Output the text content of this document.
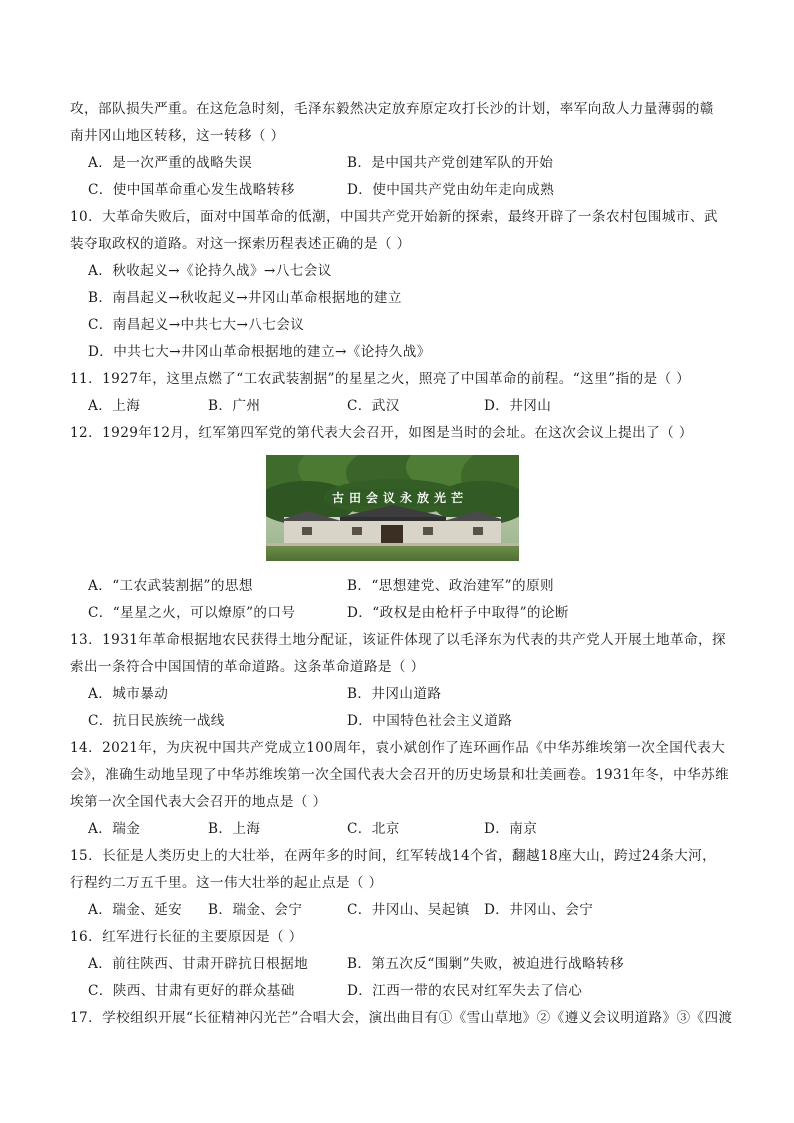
攻，部队损失严重。在这危急时刻，毛泽东毅然决定放弃原定攻打长沙的计划，率军向敌人力量薄弱的赣
南井冈山地区转移，这一转移（ ）
A．是一次严重的战略失误	B．是中国共产党创建军队的开始
C．使中国革命重心发生战略转移	D．使中国共产党由幼年走向成熟
10．大革命失败后，面对中国革命的低潮，中国共产党开始新的探索，最终开辟了一条农村包围城市、武
装夺取政权的道路。对这一探索历程表述正确的是（ ）
A．秋收起义→《论持久战》→八七会议
B．南昌起义→秋收起义→井冈山革命根据地的建立
C．南昌起义→中共七大→八七会议
D．中共七大→井冈山革命根据地的建立→《论持久战》
11．1927年，这里点燃了“工农武装割据”的星星之火，照亮了中国革命的前程。“这里”指的是（ ）
A．上海	B．广州	C．武汉	D．井冈山
12．1929年12月，红军第四军党的第代表大会召开，如图是当时的会址。在这次会议上提出了（ ）
古田会议永放光芒
A．“工农武装割据”的思想	B．“思想建党、政治建军”的原则
C．“星星之火，可以燎原”的口号	D．“政权是由枪杆子中取得”的论断
13．1931年革命根据地农民获得土地分配证，该证件体现了以毛泽东为代表的共产党人开展土地革命，探
索出一条符合中国国情的革命道路。这条革命道路是（ ）
A．城市暴动	B．井冈山道路
C．抗日民族统一战线	D．中国特色社会主义道路
14．2021年，为庆祝中国共产党成立100周年，袁小斌创作了连环画作品《中华苏维埃第一次全国代表大
会》，准确生动地呈现了中华苏维埃第一次全国代表大会召开的历史场景和壮美画卷。1931年冬，中华苏维
埃第一次全国代表大会召开的地点是（ ）
A．瑞金	B．上海	C．北京	D．南京
15．长征是人类历史上的大壮举，在两年多的时间，红军转战14个省，翻越18座大山，跨过24条大河，
行程约二万五千里。这一伟大壮举的起止点是（ ）
A．瑞金、延安 B．瑞金、会宁	C．井冈山、吴起镇 D．井冈山、会宁
16．红军进行长征的主要原因是（ ）
A．前往陕西、甘肃开辟抗日根据地	B．第五次反“围剿”失败，被迫进行战略转移
C．陕西、甘肃有更好的群众基础	D．江西一带的农民对红军失去了信心
17．学校组织开展“长征精神闪光芒”合唱大会，演出曲目有①《雪山草地》②《遵义会议明道路》③《四渡
